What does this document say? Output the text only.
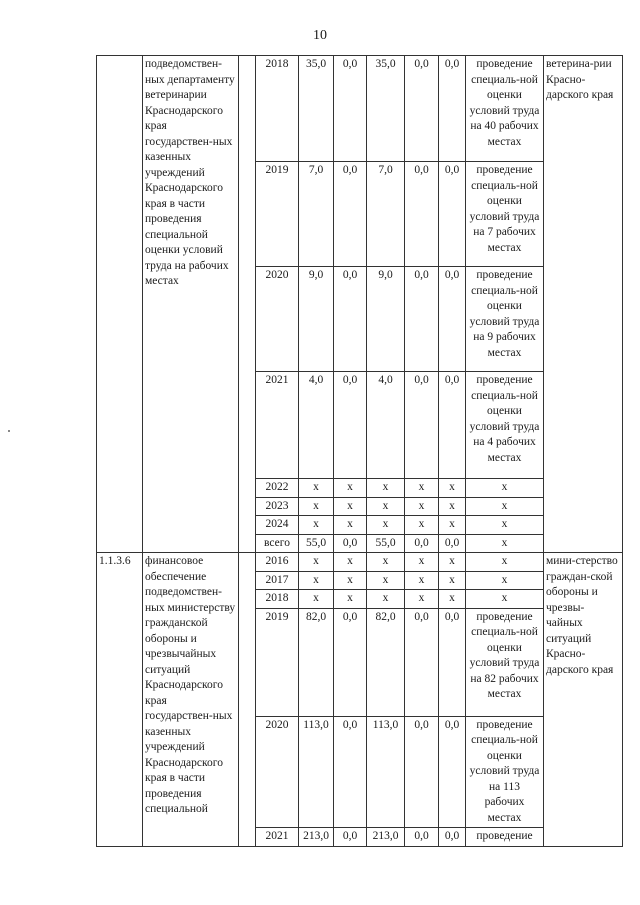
10
	подведомствен-ных департаменту ветеринарии Краснодарского края государствен-ных казенных учреждений Краснодарского края в части проведения специальной оценки условий труда на рабочих местах		2018	35,0	0,0	35,0	0,0	0,0	проведение специаль-ной оценки условий труда на 40 рабочих местах	ветерина-рии Красно-дарского края
			2019	7,0	0,0	7,0	0,0	0,0	проведение специаль-ной оценки условий труда на 7 рабочих местах	
			2020	9,0	0,0	9,0	0,0	0,0	проведение специаль-ной оценки условий труда на 9 рабочих местах	
			2021	4,0	0,0	4,0	0,0	0,0	проведение специаль-ной оценки условий труда на 4 рабочих местах	
			2022	х	х	х	х	х	х	
			2023	х	х	х	х	х	х	
			2024	х	х	х	х	х	х	
			всего	55,0	0,0	55,0	0,0	0,0	х	
1.1.3.6	финансовое обеспечение подведомствен-ных министерству гражданской обороны и чрезвычайных ситуаций Краснодарского края государствен-ных казенных учреждений Краснодарского края в части проведения специальной		2016	х	х	х	х	х	х	мини-стерство граждан-ской обороны и чрезвы-чайных ситуаций Красно-дарского края
			2017	х	х	х	х	х	х	
			2018	х	х	х	х	х	х	
			2019	82,0	0,0	82,0	0,0	0,0	проведение специаль-ной оценки условий труда на 82 рабочих местах	
			2020	113,0	0,0	113,0	0,0	0,0	проведение специаль-ной оценки условий труда на 113 рабочих местах	
			2021	213,0	0,0	213,0	0,0	0,0	проведение	
